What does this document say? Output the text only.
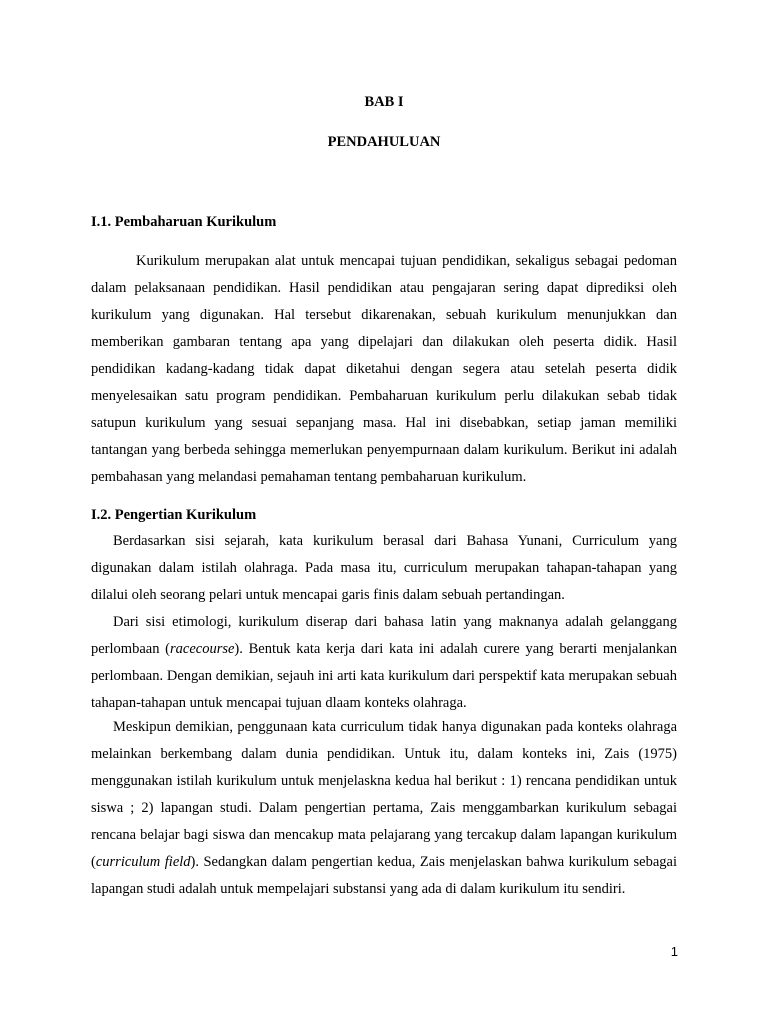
BAB I
PENDAHULUAN
I.1. Pembaharuan Kurikulum

Kurikulum merupakan alat untuk mencapai tujuan pendidikan, sekaligus sebagai pedoman dalam pelaksanaan pendidikan. Hasil pendidikan atau pengajaran sering dapat diprediksi oleh kurikulum yang digunakan. Hal tersebut dikarenakan, sebuah kurikulum menunjukkan dan memberikan gambaran tentang apa yang dipelajari dan dilakukan oleh peserta didik. Hasil pendidikan kadang-kadang tidak dapat diketahui dengan segera atau setelah peserta didik menyelesaikan satu program pendidikan. Pembaharuan kurikulum perlu dilakukan sebab tidak satupun kurikulum yang sesuai sepanjang masa. Hal ini disebabkan, setiap jaman memiliki tantangan yang berbeda sehingga memerlukan penyempurnaan dalam kurikulum. Berikut ini adalah pembahasan yang melandasi pemahaman tentang pembaharuan kurikulum.

I.2. Pengertian Kurikulum

Berdasarkan sisi sejarah, kata kurikulum berasal dari Bahasa Yunani, Curriculum yang digunakan dalam istilah olahraga. Pada masa itu, curriculum merupakan tahapan-tahapan yang dilalui oleh seorang pelari untuk mencapai garis finis dalam sebuah pertandingan.

Dari sisi etimologi, kurikulum diserap dari bahasa latin yang maknanya adalah gelanggang perlombaan (racecourse). Bentuk kata kerja dari kata ini adalah curere yang berarti menjalankan perlombaan. Dengan demikian, sejauh ini arti kata kurikulum dari perspektif kata merupakan sebuah tahapan-tahapan untuk mencapai tujuan dlaam konteks olahraga.

Meskipun demikian, penggunaan kata curriculum tidak hanya digunakan pada konteks olahraga melainkan berkembang dalam dunia pendidikan. Untuk itu, dalam konteks ini, Zais (1975) menggunakan istilah kurikulum untuk menjelaskna kedua hal berikut : 1) rencana pendidikan untuk siswa ; 2) lapangan studi. Dalam pengertian pertama, Zais menggambarkan kurikulum sebagai rencana belajar bagi siswa dan mencakup mata pelajarang yang tercakup dalam lapangan kurikulum (curriculum field). Sedangkan dalam pengertian kedua, Zais menjelaskan bahwa kurikulum sebagai lapangan studi adalah untuk mempelajari substansi yang ada di dalam kurikulum itu sendiri.

1
